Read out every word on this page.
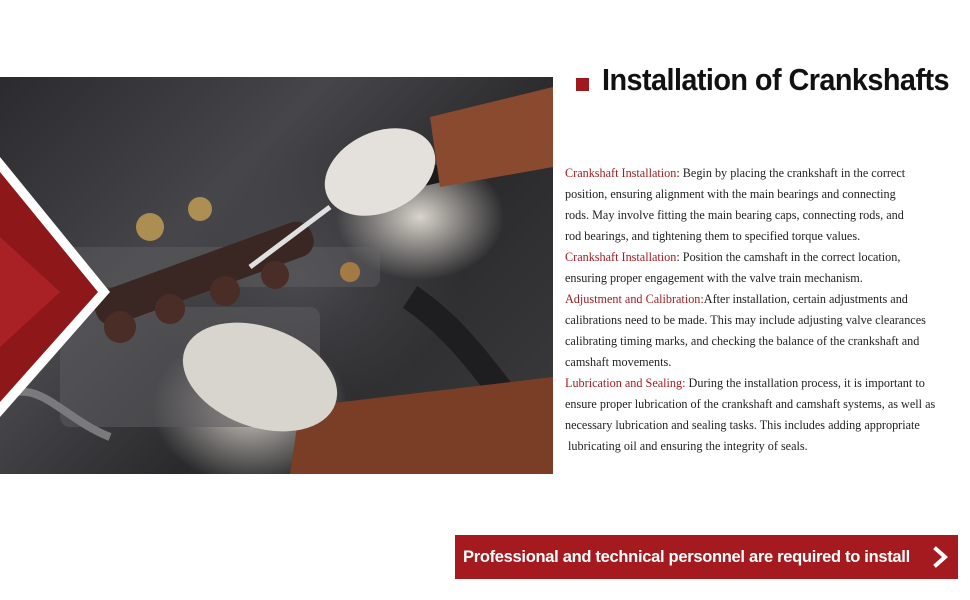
Installation of Crankshafts

Crankshaft Installation: Begin by placing the crankshaft in the correct
position, ensuring alignment with the main bearings and connecting
rods. May involve fitting the main bearing caps, connecting rods, and
rod bearings, and tightening them to specified torque values.

Crankshaft Installation: Position the camshaft in the correct location,
ensuring proper engagement with the valve train mechanism.

Adjustment and Calibration:After installation, certain adjustments and
calibrations need to be made. This may include adjusting valve clearances
calibrating timing marks, and checking the balance of the crankshaft and
camshaft movements.

Lubrication and Sealing: During the installation process, it is important to
ensure proper lubrication of the crankshaft and camshaft systems, as well as
necessary lubrication and sealing tasks. This includes adding appropriate
lubricating oil and ensuring the integrity of seals.

Professional and technical personnel are required to install
